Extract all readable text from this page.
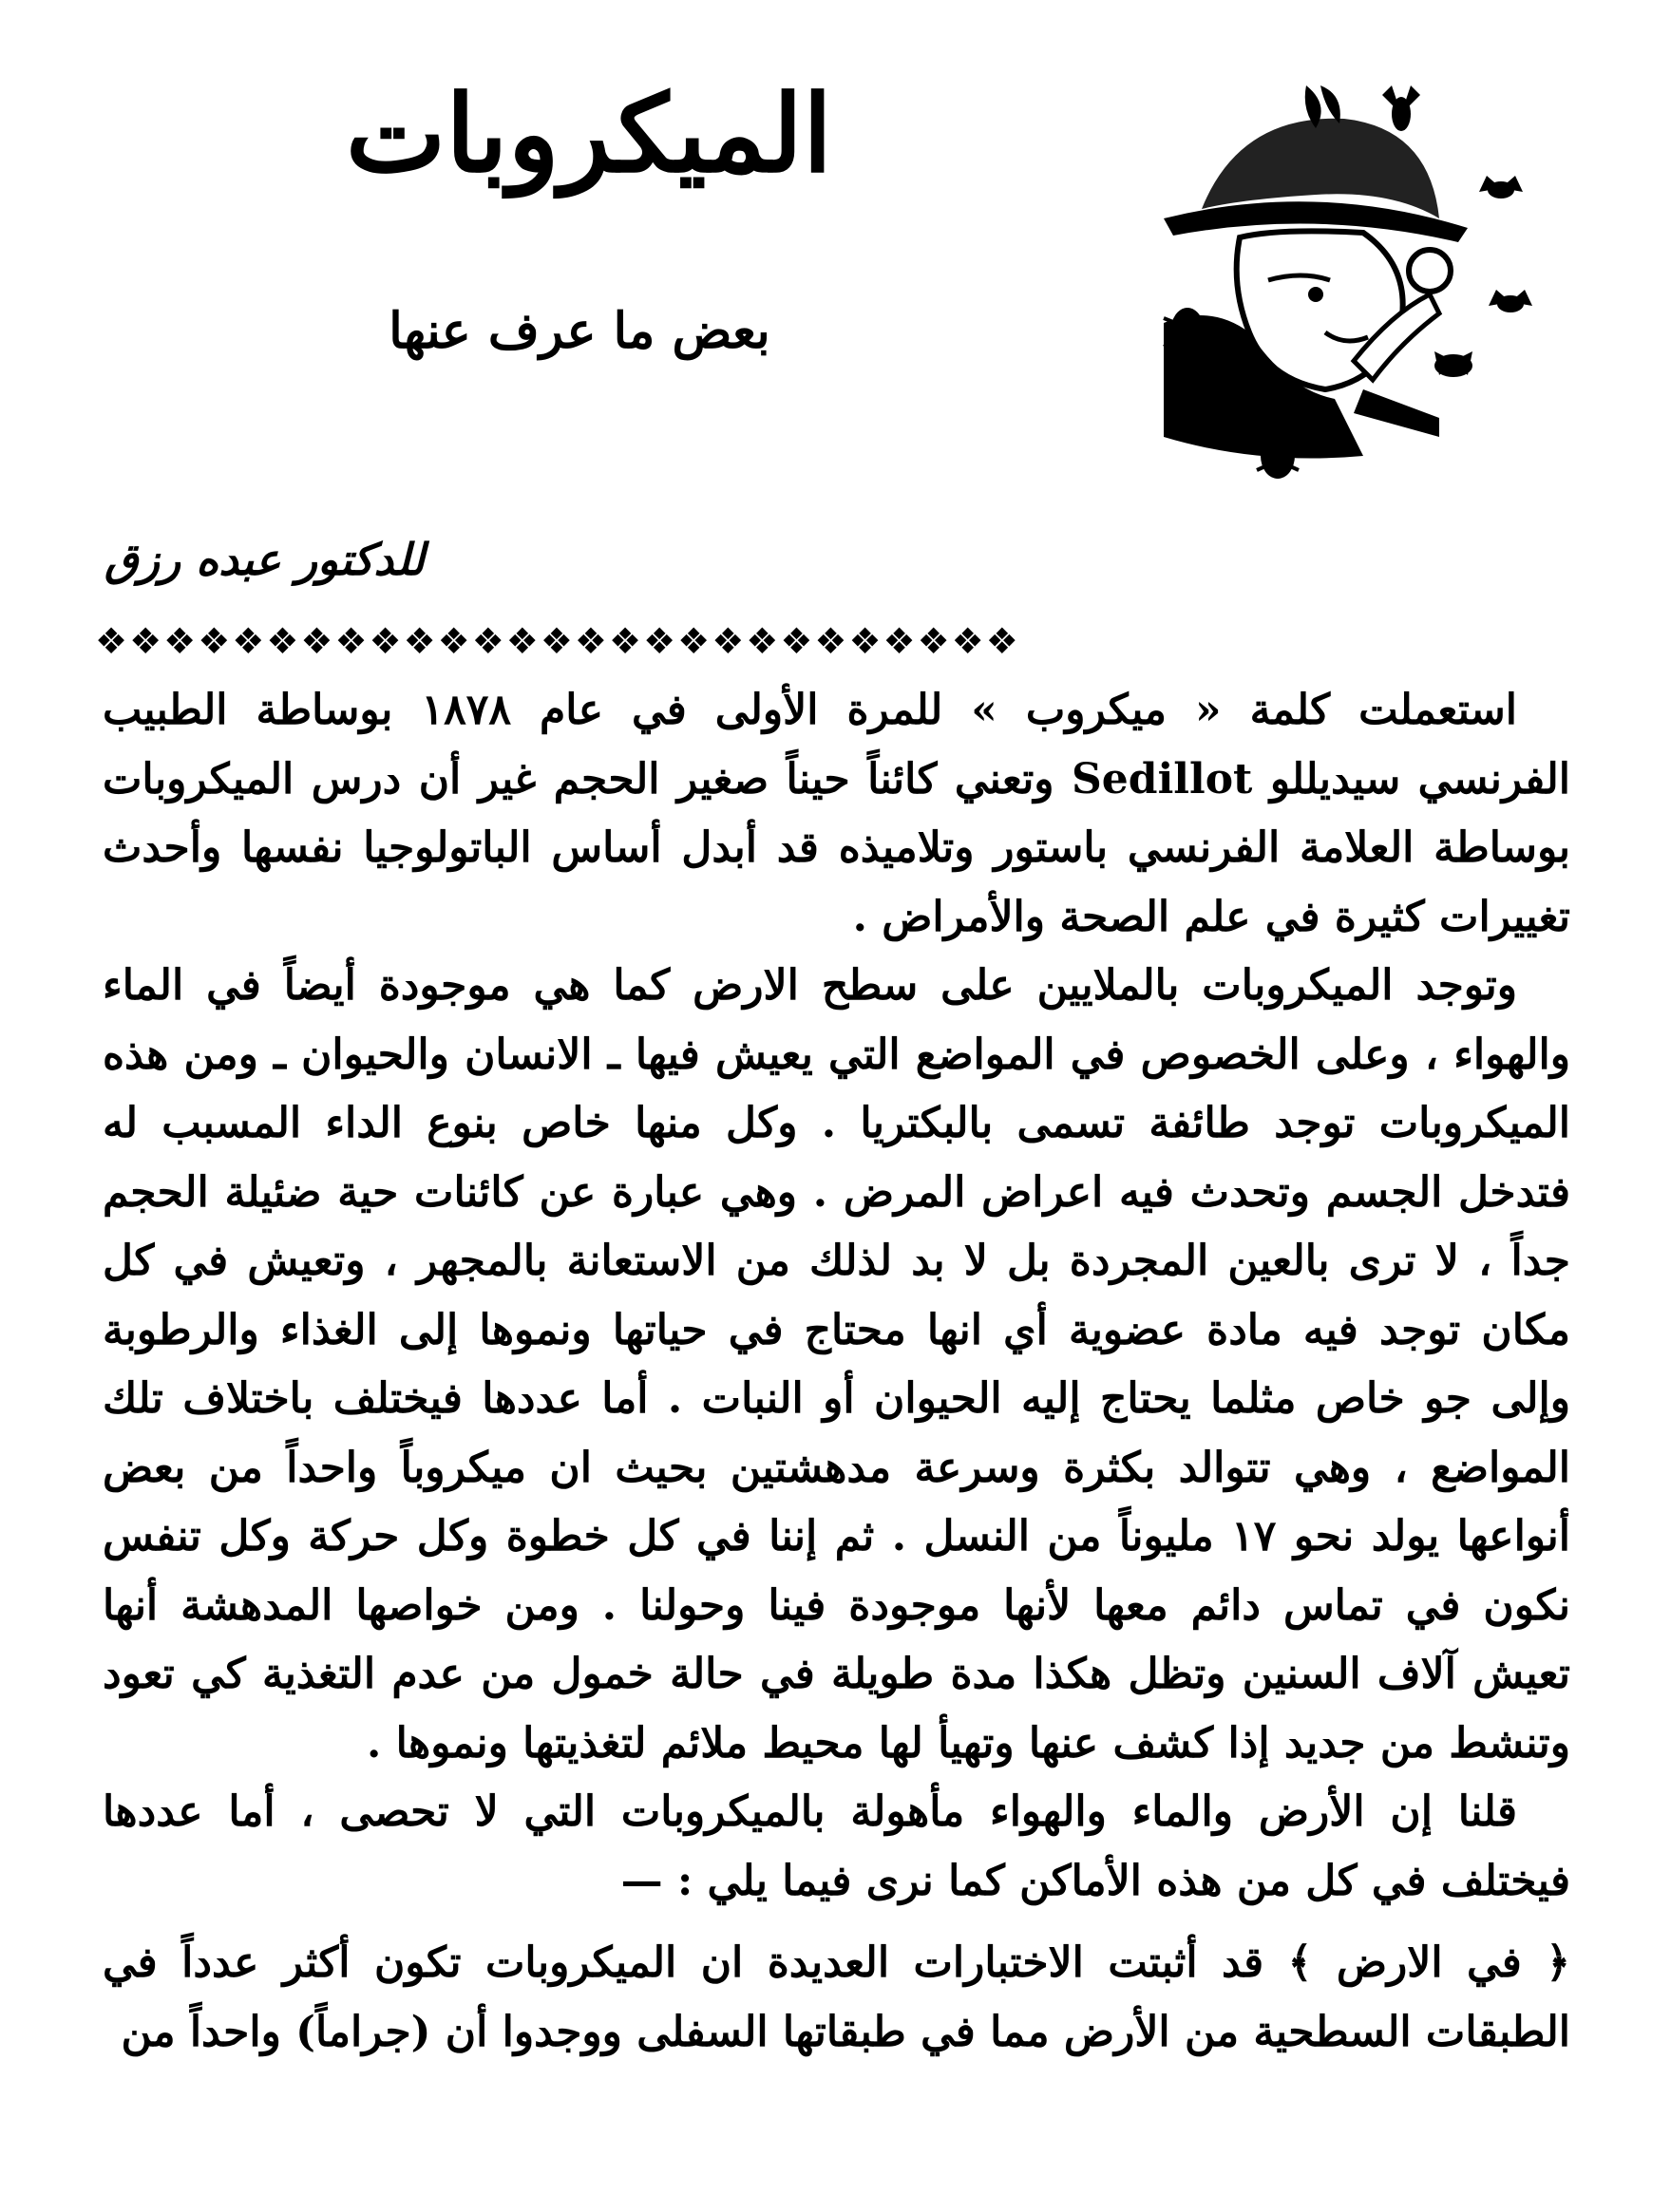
الميكروبات
بعض ما عرف عنها
للدكتور عبده رزق
❖❖❖❖❖❖❖❖❖❖❖❖❖❖❖❖❖❖❖❖❖❖❖❖❖❖❖

استعملت كلمة « ميكروب » للمرة الأولى في عام ١٨٧٨ بوساطة الطبيب الفرنسي سيديللو Sedillot وتعني كائناً حيناً صغير الحجم غير أن درس الميكروبات بوساطة العلامة الفرنسي باستور وتلاميذه قد أبدل أساس الباتولوجيا نفسها وأحدث تغييرات كثيرة في علم الصحة والأمراض .

وتوجد الميكروبات بالملايين على سطح الارض كما هي موجودة أيضاً في الماء والهواء ، وعلى الخصوص في المواضع التي يعيش فيها ـ الانسان والحيوان ـ ومن هذه الميكروبات توجد طائفة تسمى بالبكتريا . وكل منها خاص بنوع الداء المسبب له فتدخل الجسم وتحدث فيه اعراض المرض . وهي عبارة عن كائنات حية ضئيلة الحجم جداً ، لا ترى بالعين المجردة بل لا بد لذلك من الاستعانة بالمجهر ، وتعيش في كل مكان توجد فيه مادة عضوية أي انها محتاج في حياتها ونموها إلى الغذاء والرطوبة وإلى جو خاص مثلما يحتاج إليه الحيوان أو النبات . أما عددها فيختلف باختلاف تلك المواضع ، وهي تتوالد بكثرة وسرعة مدهشتين بحيث ان ميكروباً واحداً من بعض أنواعها يولد نحو ١٧ مليوناً من النسل . ثم إننا في كل خطوة وكل حركة وكل تنفس نكون في تماس دائم معها لأنها موجودة فينا وحولنا . ومن خواصها المدهشة أنها تعيش آلاف السنين وتظل هكذا مدة طويلة في حالة خمول من عدم التغذية كي تعود وتنشط من جديد إذا كشف عنها وتهيأ لها محيط ملائم لتغذيتها ونموها .

قلنا إن الأرض والماء والهواء مأهولة بالميكروبات التي لا تحصى ، أما عددها فيختلف في كل من هذه الأماكن كما نرى فيما يلي : —

﴿ في الارض ﴾ قد أثبتت الاختبارات العديدة ان الميكروبات تكون أكثر عدداً في الطبقات السطحية من الأرض مما في طبقاتها السفلى ووجدوا أن (جراماً) واحداً من
